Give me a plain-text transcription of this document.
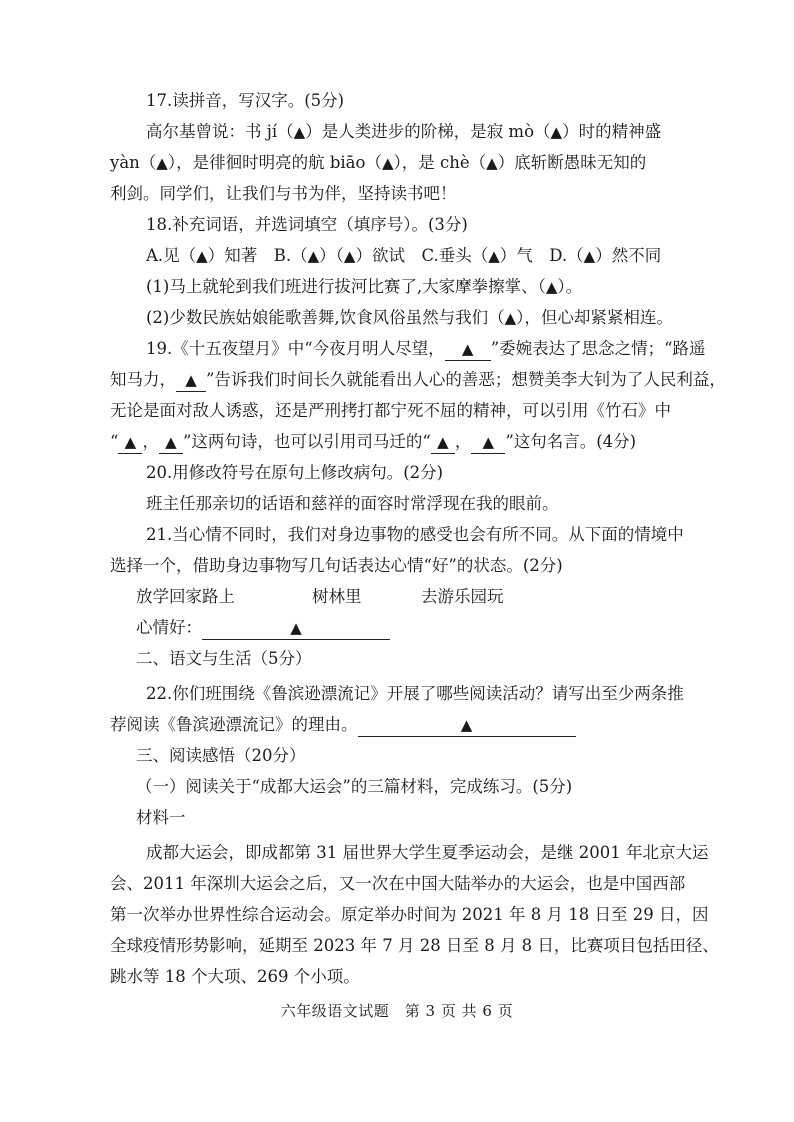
17.读拼音，写汉字。(5分)
高尔基曾说：书 jí（▲）是人类进步的阶梯，是寂 mò（▲）时的精神盛
yàn（▲），是徘徊时明亮的航 biāo（▲），是 chè（▲）底斩断愚昧无知的
利剑。同学们，让我们与书为伴，坚持读书吧！
18.补充词语，并选词填空（填序号）。(3分)
A.见（▲）知著　B.（▲）（▲）欲试　C.垂头（▲）气　D.（▲）然不同
(1)马上就轮到我们班进行拔河比赛了,大家摩拳擦掌、（▲）。
(2)少数民族姑娘能歌善舞,饮食风俗虽然与我们（▲），但心却紧紧相连。
19.《十五夜望月》中“今夜月明人尽望， ▲ ”委婉表达了思念之情；“路遥
知马力， ▲ ”告诉我们时间长久就能看出人心的善恶；想赞美李大钊为了人民利益，
无论是面对敌人诱惑，还是严刑拷打都宁死不屈的精神，可以引用《竹石》中
“ ▲ ， ▲ ”这两句诗，也可以引用司马迁的“ ▲ ， ▲ ”这句名言。(4分)
20.用修改符号在原句上修改病句。(2分)
班主任那亲切的话语和慈祥的面容时常浮现在我的眼前。
21.当心情不同时，我们对身边事物的感受也会有所不同。从下面的情境中
选择一个，借助身边事物写几句话表达心情“好”的状态。(2分)
放学回家路上	树林里	去游乐园玩
心情好：	▲
二、语文与生活（5分）
22.你们班围绕《鲁滨逊漂流记》开展了哪些阅读活动？请写出至少两条推
荐阅读《鲁滨逊漂流记》的理由。	▲
三、阅读感悟（20分）
（一）阅读关于“成都大运会”的三篇材料，完成练习。(5分)
材料一
成都大运会，即成都第 31 届世界大学生夏季运动会，是继 2001 年北京大运
会、2011 年深圳大运会之后，又一次在中国大陆举办的大运会，也是中国西部
第一次举办世界性综合运动会。原定举办时间为 2021 年 8 月 18 日至 29 日，因
全球疫情形势影响，延期至 2023 年 7 月 28 日至 8 月 8 日，比赛项目包括田径、
跳水等 18 个大项、269 个小项。
六年级语文试题　第 3 页 共 6 页
